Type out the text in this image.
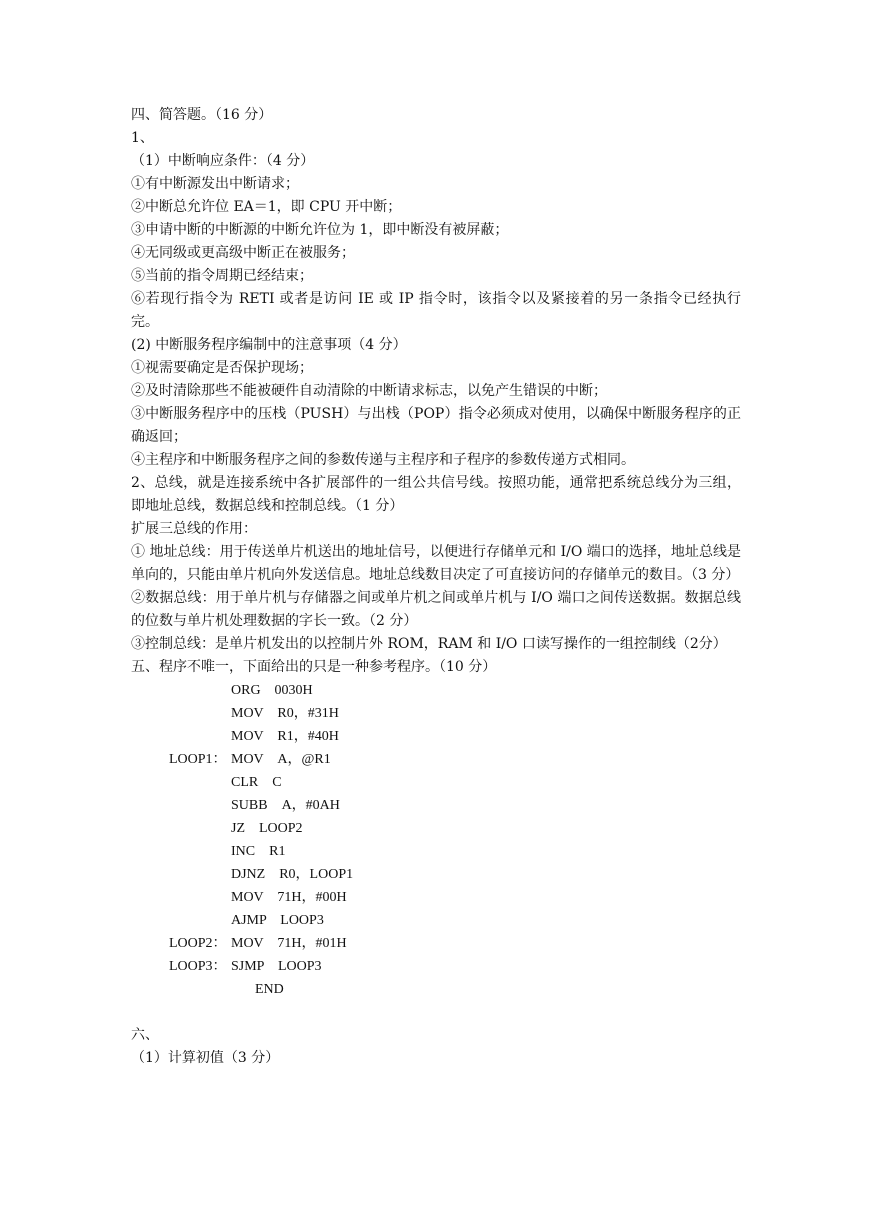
四、简答题。（16 分）
1、
（1）中断响应条件：（4 分）
①有中断源发出中断请求；
②中断总允许位 EA＝1，即 CPU 开中断；
③申请中断的中断源的中断允许位为 1，即中断没有被屏蔽；
④无同级或更高级中断正在被服务；
⑤当前的指令周期已经结束；
⑥若现行指令为 RETI 或者是访问 IE 或 IP 指令时，该指令以及紧接着的另一条指令已经执行完。
(2) 中断服务程序编制中的注意事项（4 分）
①视需要确定是否保护现场；
②及时清除那些不能被硬件自动清除的中断请求标志，以免产生错误的中断；
③中断服务程序中的压栈（PUSH）与出栈（POP）指令必须成对使用，以确保中断服务程序的正确返回；
④主程序和中断服务程序之间的参数传递与主程序和子程序的参数传递方式相同。
2、总线，就是连接系统中各扩展部件的一组公共信号线。按照功能，通常把系统总线分为三组，即地址总线，数据总线和控制总线。（1 分）
扩展三总线的作用：
① 地址总线：用于传送单片机送出的地址信号，以便进行存储单元和 I/O 端口的选择，地址总线是单向的，只能由单片机向外发送信息。地址总线数目决定了可直接访问的存储单元的数目。（3 分）
②数据总线：用于单片机与存储器之间或单片机之间或单片机与 I/O 端口之间传送数据。数据总线的位数与单片机处理数据的字长一致。（2 分）
③控制总线：是单片机发出的以控制片外 ROM，RAM 和 I/O 口读写操作的一组控制线（2分）
五、程序不唯一，下面给出的只是一种参考程序。（10 分）
ORG　0030H
MOV　R0，#31H
MOV　R1，#40H
LOOP1： MOV　A，@R1
CLR　C
SUBB　A，#0AH
JZ　LOOP2
INC　R1
DJNZ　R0，LOOP1
MOV　71H，#00H
AJMP　LOOP3
LOOP2： MOV　71H，#01H
LOOP3： SJMP　LOOP3
END
六、
（1）计算初值（3 分）
